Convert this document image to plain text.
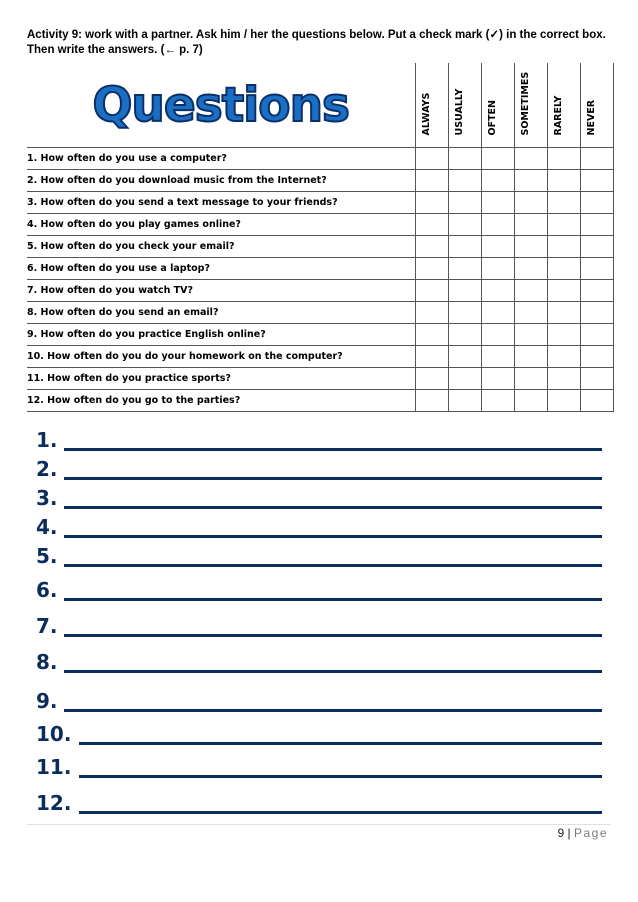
Activity 9: work with a partner. Ask him / her the questions below. Put a check mark (✓) in the correct box.
Then write the answers. (← p. 7)
Questions	ALWAYS	USUALLY	OFTEN	SOMETIMES	RARELY	NEVER

1. How often do you use a computer?						
2. How often do you download music from the Internet?						
3. How often do you send a text message to your friends?						
4. How often do you play games online?						
5. How often do you check your email?						
6. How often do you use a laptop?						
7. How often do you watch TV?						
8. How often do you send an email?						
9. How often do you practice English online?						
10. How often do you do your homework on the computer?						
11. How often do you practice sports?						
12. How often do you go to the parties?						
1.
2.
3.
4.
5.
6.
7.
8.
9.
10.
11.
12.
9 | Page
